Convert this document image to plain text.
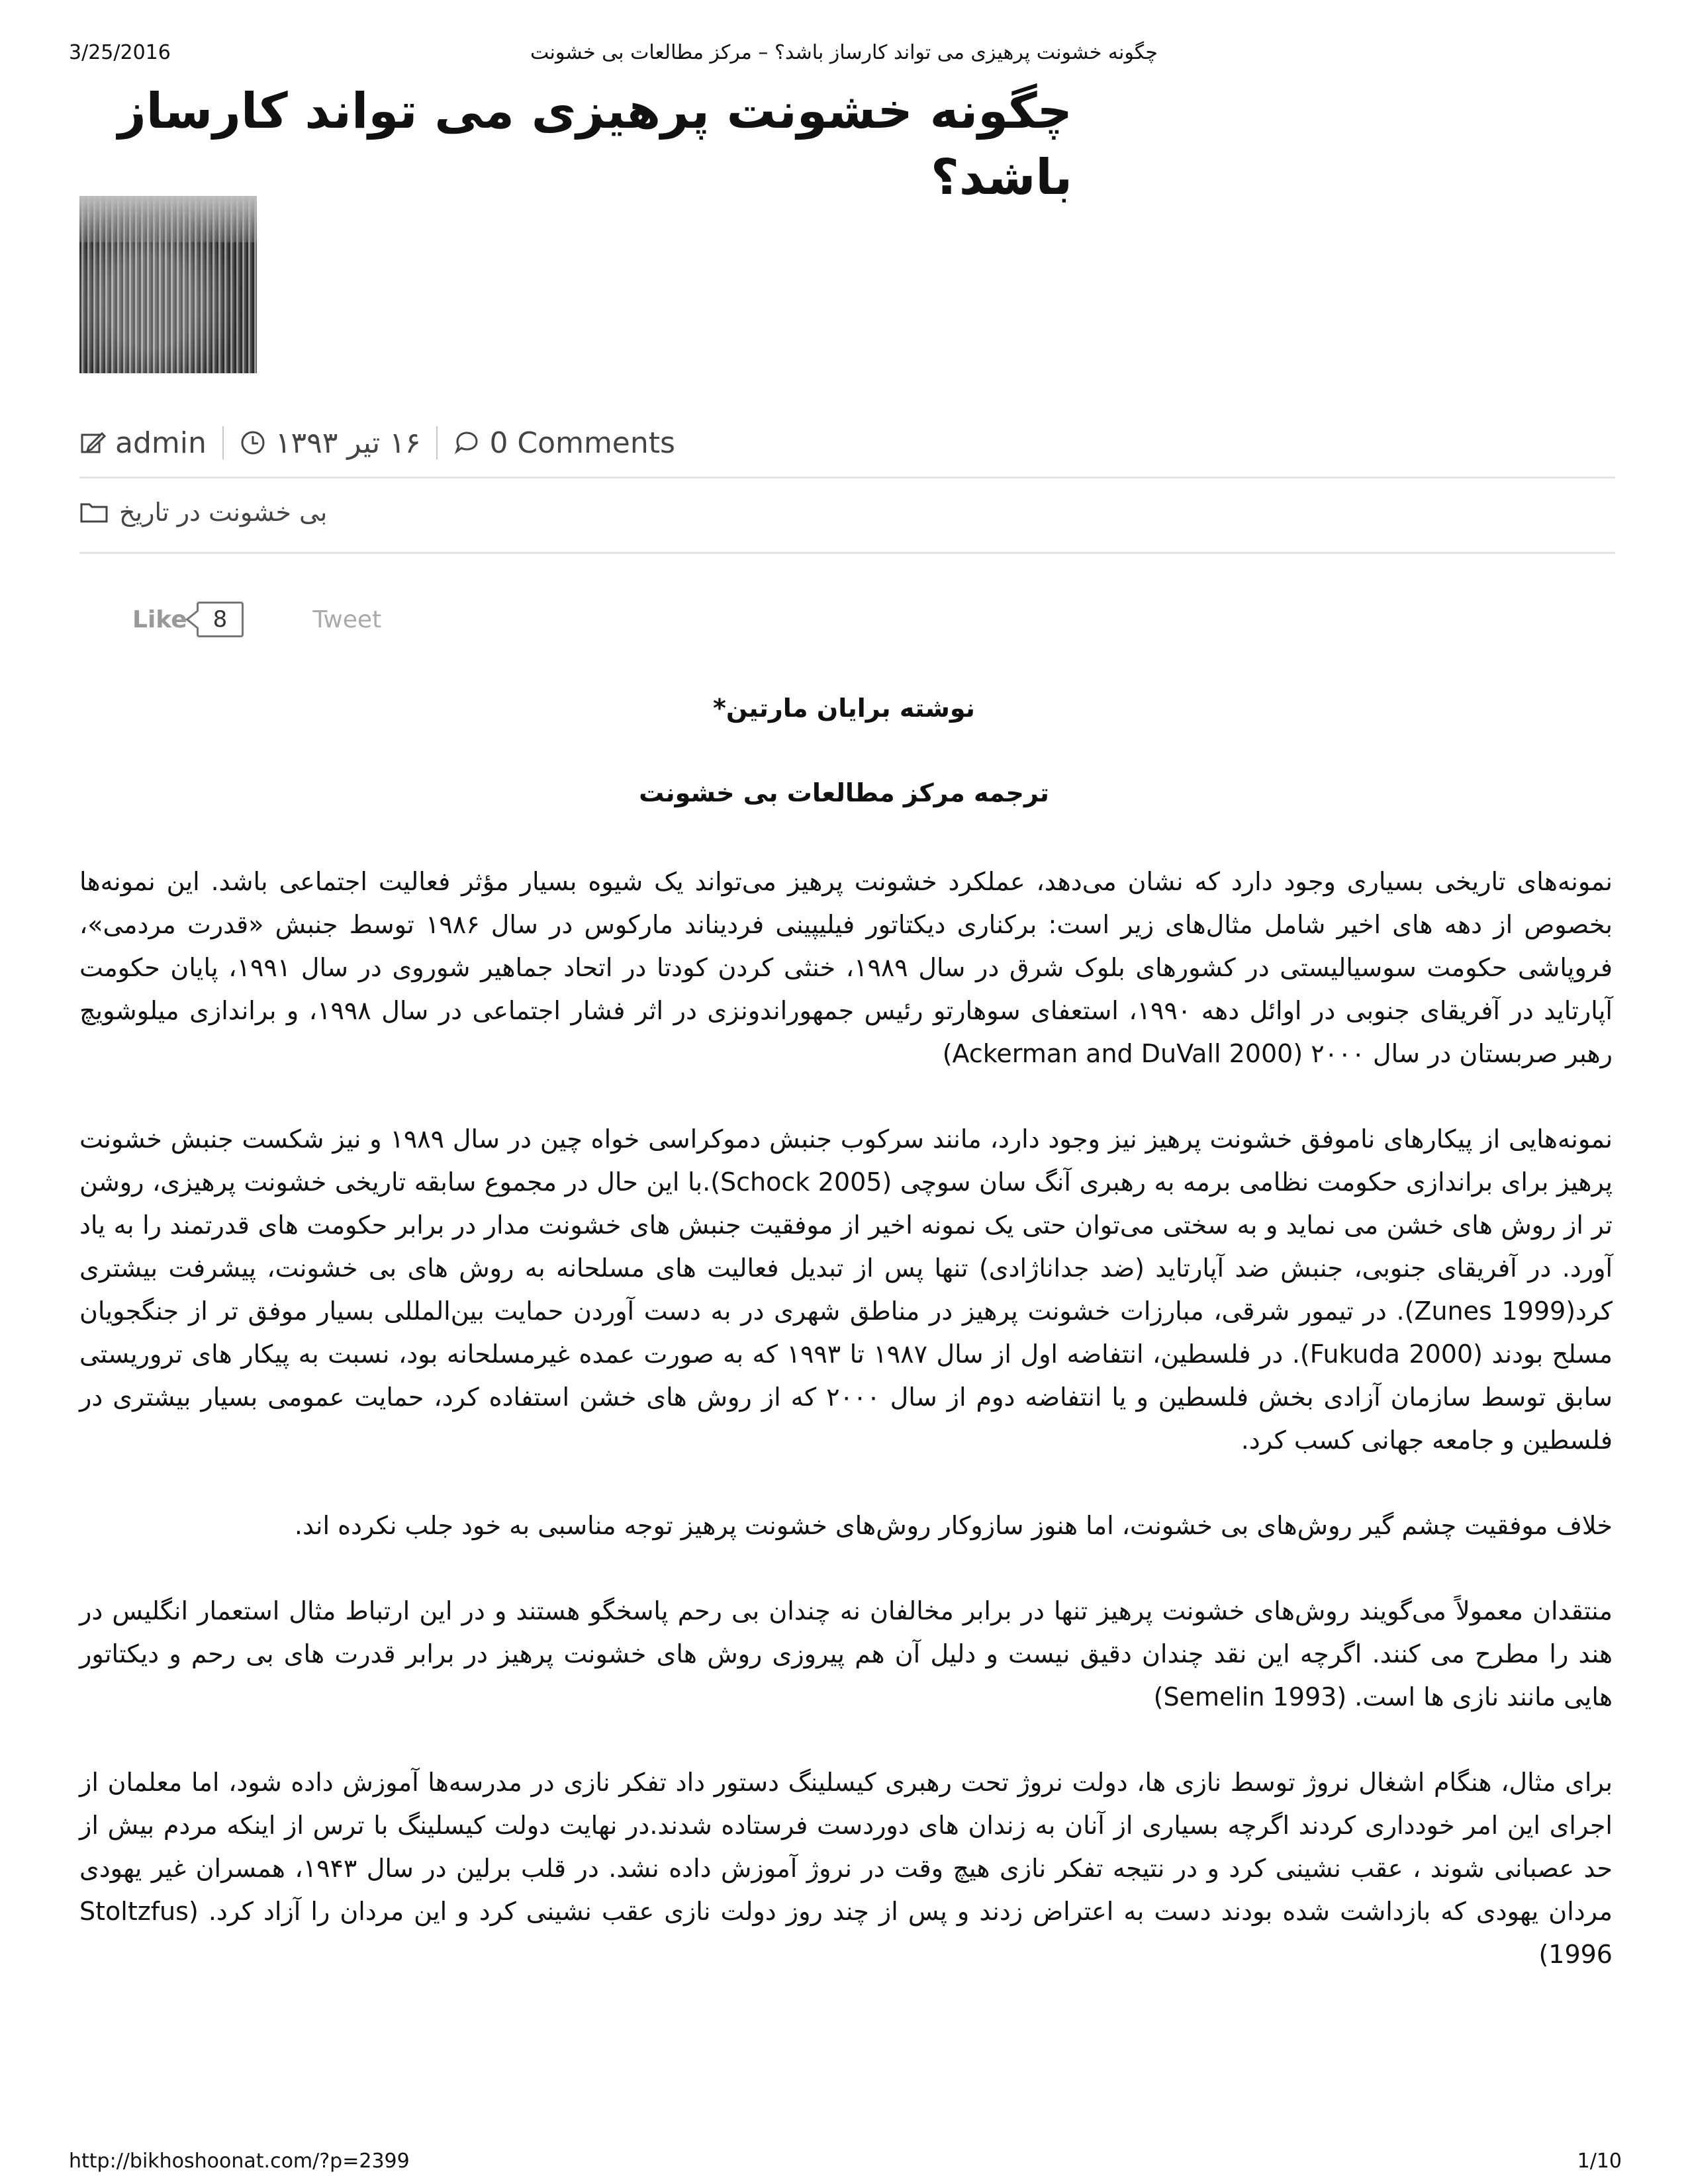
3/25/2016	چگونه خشونت پرهیزی می تواند کارساز باشد؟ – مرکز مطالعات بی خشونت
چگونه خشونت پرهیزی می تواند کارساز باشد؟
admin ۱۶ تیر ۱۳۹۳ 0 Comments
بی خشونت در تاریخ
Like	8	Tweet
نوشته برایان مارتین*
ترجمه مرکز مطالعات بی خشونت

نمونه‌های تاریخی بسیاری وجود دارد که نشان می‌دهد، عملکرد خشونت پرهیز می‌تواند یک شیوه بسیار مؤثر فعالیت اجتماعی باشد. این نمونه‌ها بخصوص از دهه های اخیر شامل مثال‌های زیر است: برکناری دیکتاتور فیلیپینی فردیناند مارکوس در سال ۱۹۸۶ توسط جنبش «قدرت مردمی»، فروپاشی حکومت سوسیالیستی در کشورهای بلوک شرق در سال ۱۹۸۹، خنثی کردن کودتا در اتحاد جماهیر شوروی در سال ۱۹۹۱، پایان حکومت آپارتاید در آفریقای جنوبی در اوائل دهه ۱۹۹۰، استعفای سوهارتو رئیس جمهوراندونزی در اثر فشار اجتماعی در سال ۱۹۹۸، و براندازی میلوشویچ رهبر صربستان در سال ۲۰۰۰ (Ackerman and DuVall 2000)

نمونه‌هایی از پیکارهای ناموفق خشونت پرهیز نیز وجود دارد، مانند سرکوب جنبش دموکراسی خواه چین در سال ۱۹۸۹ و نیز شکست جنبش خشونت پرهیز برای براندازی حکومت نظامی برمه به رهبری آنگ سان سوچی (Schock 2005).با این حال در مجموع سابقه تاریخی خشونت پرهیزی، روشن تر از روش های خشن می نماید و به سختی می‌توان حتی یک نمونه اخیر از موفقیت جنبش های خشونت مدار در برابر حکومت های قدرتمند را به یاد آورد. در آفریقای جنوبی، جنبش ضد آپارتاید (ضد جداناژادی) تنها پس از تبدیل فعالیت های مسلحانه به روش های بی خشونت، پیشرفت بیشتری کرد(Zunes 1999). در تیمور شرقی، مبارزات خشونت پرهیز در مناطق شهری در به دست آوردن حمایت بین‌المللی بسیار موفق تر از جنگجویان مسلح بودند (Fukuda 2000). در فلسطین، انتفاضه اول از سال ۱۹۸۷ تا ۱۹۹۳ که به صورت عمده غیرمسلحانه بود، نسبت به پیکار های تروریستی سابق توسط سازمان آزادی بخش فلسطین و یا انتفاضه دوم از سال ۲۰۰۰ که از روش های خشن استفاده کرد، حمایت عمومی بسیار بیشتری در فلسطین و جامعه جهانی کسب کرد.

خلاف موفقیت چشم گیر روش‌های بی خشونت، اما هنوز سازوکار روش‌های خشونت پرهیز توجه مناسبی به خود جلب نکرده اند.

منتقدان معمولاً می‌گویند روش‌های خشونت پرهیز تنها در برابر مخالفان نه چندان بی رحم پاسخگو هستند و در این ارتباط مثال استعمار انگلیس در هند را مطرح می کنند. اگرچه این نقد چندان دقیق نیست و دلیل آن هم پیروزی روش های خشونت پرهیز در برابر قدرت های بی رحم و دیکتاتور هایی مانند نازی ها است. (Semelin 1993)

برای مثال، هنگام اشغال نروژ توسط نازی ها، دولت نروژ تحت رهبری کیسلینگ دستور داد تفکر نازی در مدرسه‌ها آموزش داده شود، اما معلمان از اجرای این امر خودداری کردند اگرچه بسیاری از آنان به زندان های دوردست فرستاده شدند.در نهایت دولت کیسلینگ با ترس از اینکه مردم بیش از حد عصبانی شوند ، عقب نشینی کرد و در نتیجه تفکر نازی هیچ وقت در نروژ آموزش داده نشد. در قلب برلین در سال ۱۹۴۳، همسران غیر یهودی مردان یهودی که بازداشت شده بودند دست به اعتراض زدند و پس از چند روز دولت نازی عقب نشینی کرد و این مردان را آزاد کرد. (Stoltzfus 1996)

http://bikhoshoonat.com/?p=2399	1/10
